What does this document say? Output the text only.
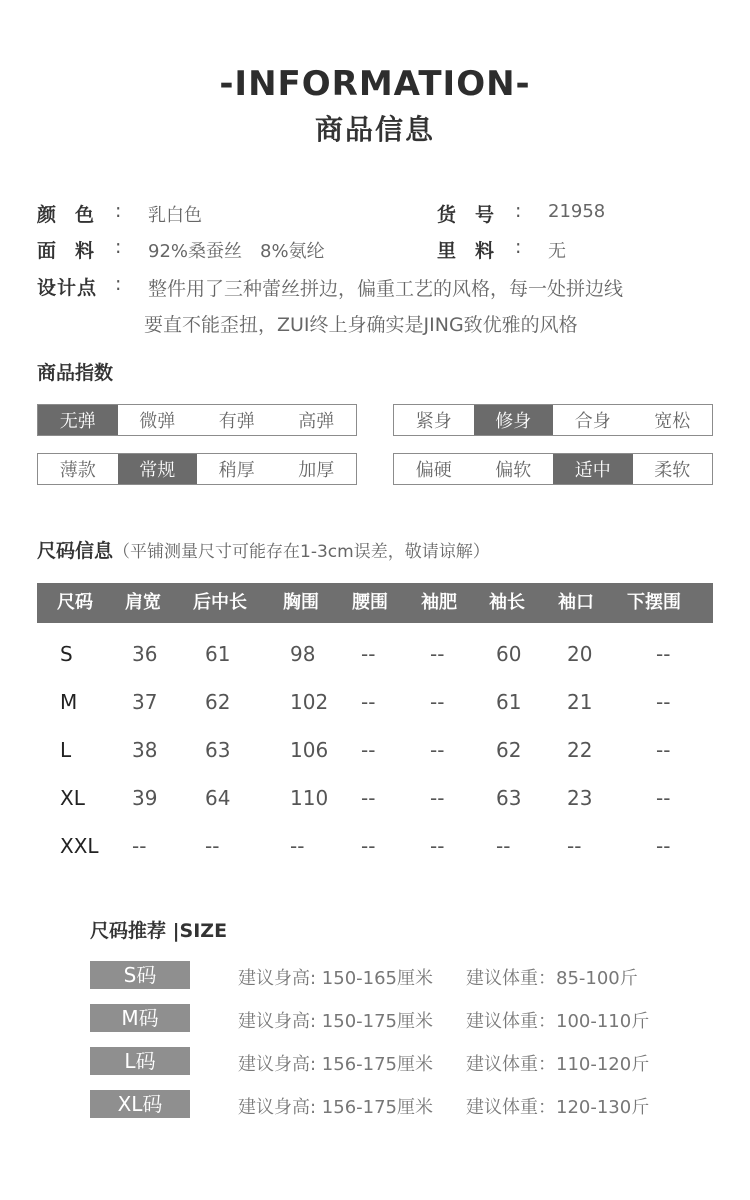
-INFORMATION-
商品信息
颜　色 : 乳白色	货　号 : 21958
面　料 : 92%桑蚕丝　8%氨纶	里　料 : 无
设计点 : 整件用了三种蕾丝拼边，偏重工艺的风格，每一处拼边线
要直不能歪扭，ZUI终上身确实是JING致优雅的风格
商品指数
无弹	微弹	有弹	高弹	紧身	修身	合身	宽松
薄款	常规	稍厚	加厚	偏硬	偏软	适中	柔软
尺码信息（平铺测量尺寸可能存在1-3cm误差，敬请谅解）
尺码 肩宽 后中长 胸围 腰围 袖肥 袖长 袖口 下摆围
S	36 61	98 --	--	60 20	--
M	37 62	102 --	--	61 21	--
L	38 63	106 --	--	62 22	--
XL 39 64	110 --	--	63 23	--
XXL --	--	--	--	--	--	--	--
尺码推荐 |SIZE
S码	建议身高: 150-165厘米 建议体重：85-100斤
M码	建议身高: 150-175厘米 建议体重：100-110斤
L码	建议身高: 156-175厘米 建议体重：110-120斤
XL码	建议身高: 156-175厘米 建议体重：120-130斤
